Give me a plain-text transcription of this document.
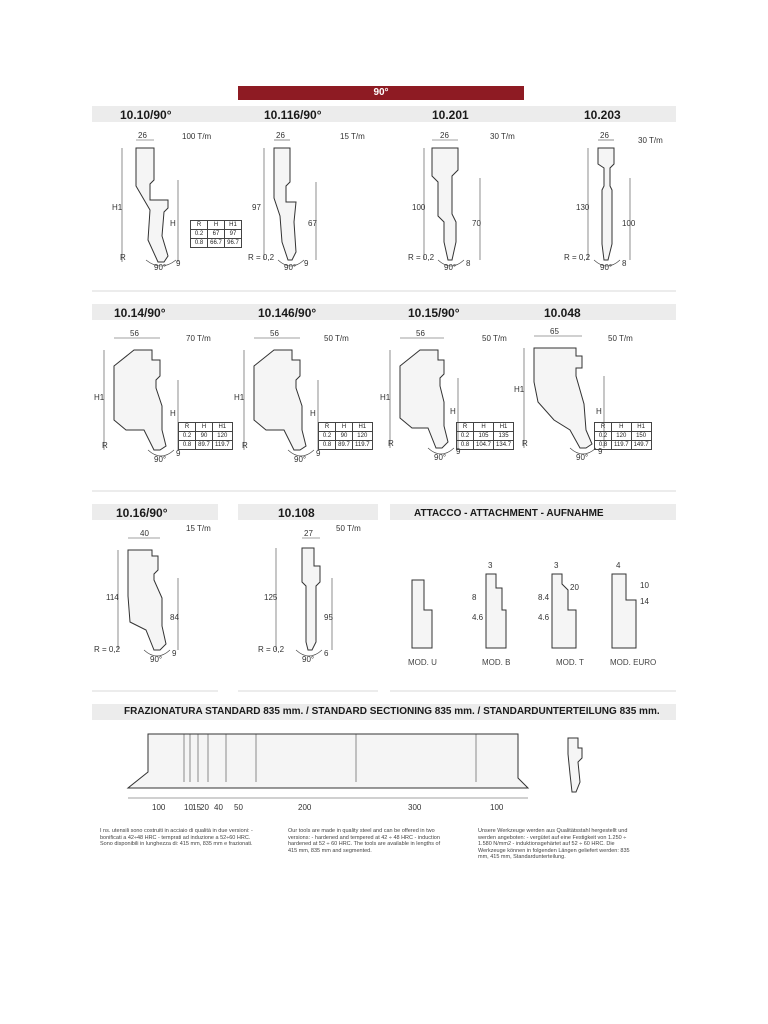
90°
10.10/90°	10.116/90°	10.201	10.203
100 T/m	15 T/m	30 T/m	30 T/m
26
H1
H
R
90° 9
R	H	H1
0.2	67	97
0.8	66.7	96.7
26
97
67
R = 0,2
90° 9
26
100
70
R = 0,2
90° 8
26
130
100
R = 0,2
90° 8
10.14/90°	10.146/90°	10.15/90°	10.048
70 T/m	50 T/m	50 T/m	50 T/m
56
H1
H
R
90°
9
R	H	H1
0.2	90	120
0.8	89.7	119.7
56
H1
H
R
90°
9
R	H	H1
0.2	90	120
0.8	89.7	119.7
56
H1
H
R
90°
9
R	H	H1
0.2	105	135
0.8	104.7	134.7
65
H1
H
R
90°
9
R	H	H1
0.2	120	150
0.8	119.7	149.7
10.16/90°	10.108	ATTACCO - ATTACHMENT - AUFNAHME
15 T/m	50 T/m
40
114
84
R = 0,2
90°
9
27
125
95
R = 0,2
90°
6
MOD. U
3
8
4.6
MOD. B
3
8.4
4.6
20
MOD. T
4
10
14
MOD. EURO
FRAZIONATURA STANDARD 835 mm. / STANDARD SECTIONING 835 mm. / STANDARDUNTERTEILUNG 835 mm.
100 10 15 20 40 50	200	300	100
I ns. utensili sono costruiti in acciaio di qualità in due versioni: - bonificati a 42÷48 HRC - temprati ad induzione a 52÷60 HRC. Sono disponibili in lunghezza di: 415 mm, 835 mm e frazionati.
Our tools are made in quality steel and can be offered in two versions: - hardened and tempered at 42 ÷ 48 HRC - induction hardened at 52 ÷ 60 HRC. The tools are available in lengths of 415 mm, 835 mm and segmented.
Unsere Werkzeuge werden aus Qualitätsstahl hergestellt und werden angeboten: - vergütet auf eine Festigkeit von 1.250 ÷ 1.580 N/mm2 - induktionsgehärtet auf 52 ÷ 60 HRC. Die Werkzeuge können in folgenden Längen geliefert werden: 835 mm, 415 mm, Standardunterteilung.
